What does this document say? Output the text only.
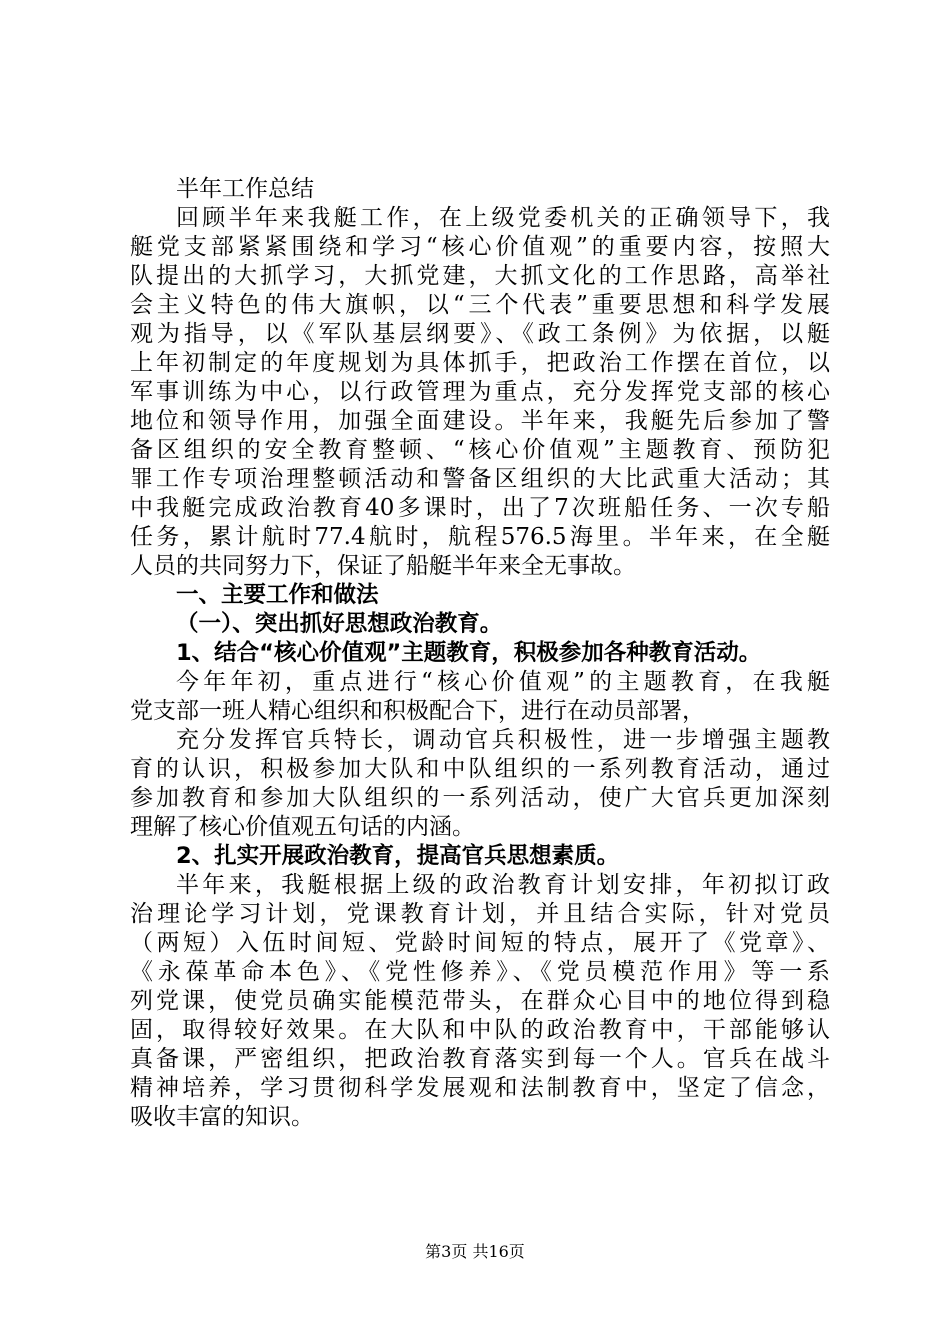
半年工作总结
回顾半年来我艇工作，在上级党委机关的正确领导下，我
艇党支部紧紧围绕和学习“核心价值观”的重要内容，按照大
队提出的大抓学习，大抓党建，大抓文化的工作思路，高举社
会主义特色的伟大旗帜，以“三个代表”重要思想和科学发展
观为指导，以《军队基层纲要》、《政工条例》为依据，以艇
上年初制定的年度规划为具体抓手，把政治工作摆在首位，以
军事训练为中心，以行政管理为重点，充分发挥党支部的核心
地位和领导作用，加强全面建设。半年来，我艇先后参加了警
备区组织的安全教育整顿、“核心价值观”主题教育、预防犯
罪工作专项治理整顿活动和警备区组织的大比武重大活动；其
中我艇完成政治教育40多课时，出了7次班船任务、一次专船
任务，累计航时77.4航时，航程576.5海里。半年来，在全艇
人员的共同努力下，保证了船艇半年来全无事故。
一、主要工作和做法
（一）、突出抓好思想政治教育。
1、结合“核心价值观”主题教育，积极参加各种教育活动。
今年年初，重点进行“核心价值观”的主题教育，在我艇
党支部一班人精心组织和积极配合下，进行在动员部署，
充分发挥官兵特长，调动官兵积极性，进一步增强主题教
育的认识，积极参加大队和中队组织的一系列教育活动，通过
参加教育和参加大队组织的一系列活动，使广大官兵更加深刻
理解了核心价值观五句话的内涵。
2、扎实开展政治教育，提高官兵思想素质。
半年来，我艇根据上级的政治教育计划安排，年初拟订政
治理论学习计划，党课教育计划，并且结合实际，针对党员
（两短）入伍时间短、党龄时间短的特点，展开了《党章》、
《永葆革命本色》、《党性修养》、《党员模范作用》等一系
列党课，使党员确实能模范带头，在群众心目中的地位得到稳
固，取得较好效果。在大队和中队的政治教育中，干部能够认
真备课，严密组织，把政治教育落实到每一个人。官兵在战斗
精神培养，学习贯彻科学发展观和法制教育中，坚定了信念，
吸收丰富的知识。
第3页 共16页
